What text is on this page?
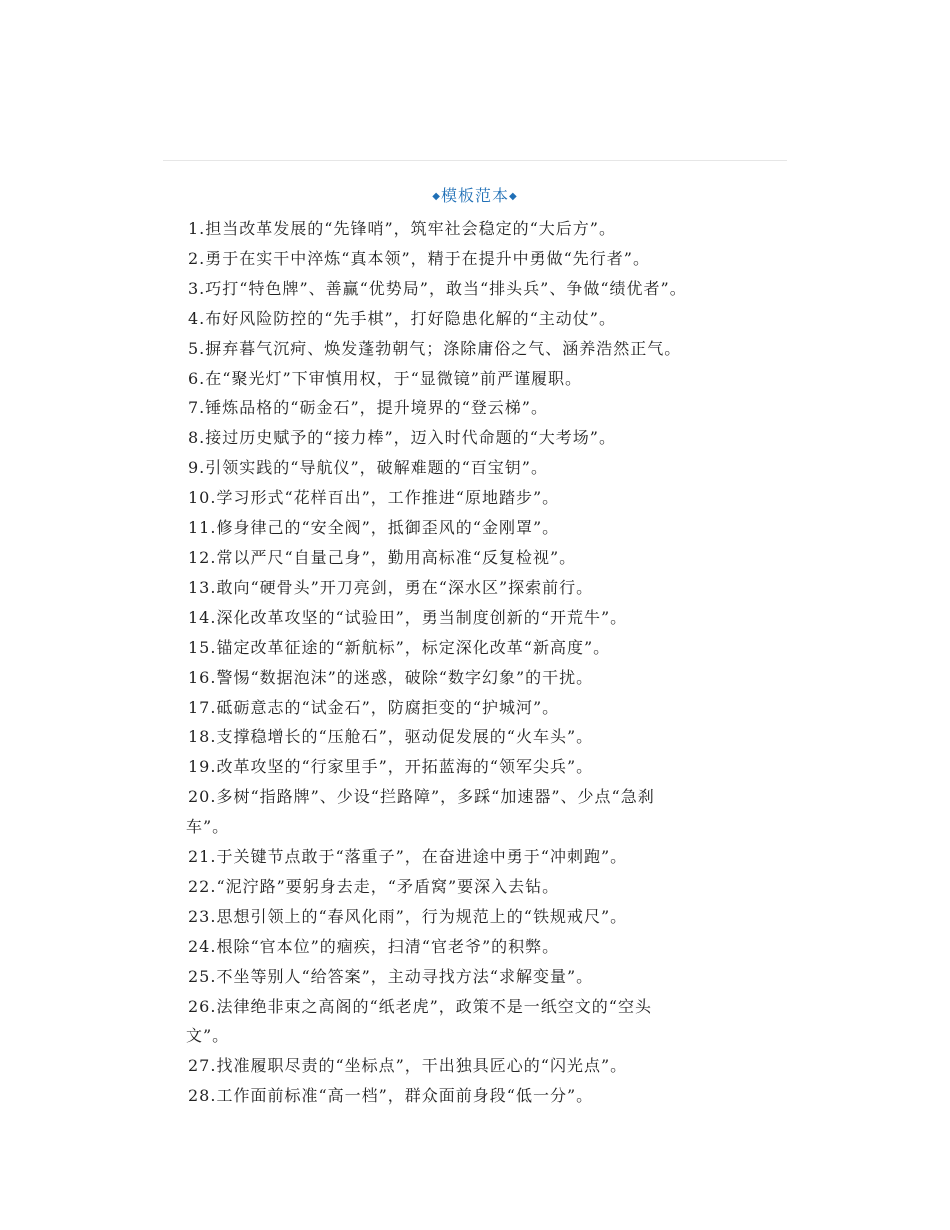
◆模板范本◆
1.担当改革发展的“先锋哨”，筑牢社会稳定的“大后方”。
2.勇于在实干中淬炼“真本领”，精于在提升中勇做“先行者”。
3.巧打“特色牌”、善赢“优势局”，敢当“排头兵”、争做“绩优者”。
4.布好风险防控的“先手棋”，打好隐患化解的“主动仗”。
5.摒弃暮气沉疴、焕发蓬勃朝气；涤除庸俗之气、涵养浩然正气。
6.在“聚光灯”下审慎用权，于“显微镜”前严谨履职。
7.锤炼品格的“砺金石”，提升境界的“登云梯”。
8.接过历史赋予的“接力棒”，迈入时代命题的“大考场”。
9.引领实践的“导航仪”，破解难题的“百宝钥”。
10.学习形式“花样百出”，工作推进“原地踏步”。
11.修身律己的“安全阀”，抵御歪风的“金刚罩”。
12.常以严尺“自量己身”，勤用高标准“反复检视”。
13.敢向“硬骨头”开刀亮剑，勇在“深水区”探索前行。
14.深化改革攻坚的“试验田”，勇当制度创新的“开荒牛”。
15.锚定改革征途的“新航标”，标定深化改革“新高度”。
16.警惕“数据泡沫”的迷惑，破除“数字幻象”的干扰。
17.砥砺意志的“试金石”，防腐拒变的“护城河”。
18.支撑稳增长的“压舱石”，驱动促发展的“火车头”。
19.改革攻坚的“行家里手”，开拓蓝海的“领军尖兵”。
20.多树“指路牌”、少设“拦路障”，多踩“加速器”、少点“急刹
车”。
21.于关键节点敢于“落重子”，在奋进途中勇于“冲刺跑”。
22.“泥泞路”要躬身去走，“矛盾窝”要深入去钻。
23.思想引领上的“春风化雨”，行为规范上的“铁规戒尺”。
24.根除“官本位”的痼疾，扫清“官老爷”的积弊。
25.不坐等别人“给答案”，主动寻找方法“求解变量”。
26.法律绝非束之高阁的“纸老虎”，政策不是一纸空文的“空头
文”。
27.找准履职尽责的“坐标点”，干出独具匠心的“闪光点”。
28.工作面前标准“高一档”，群众面前身段“低一分”。
